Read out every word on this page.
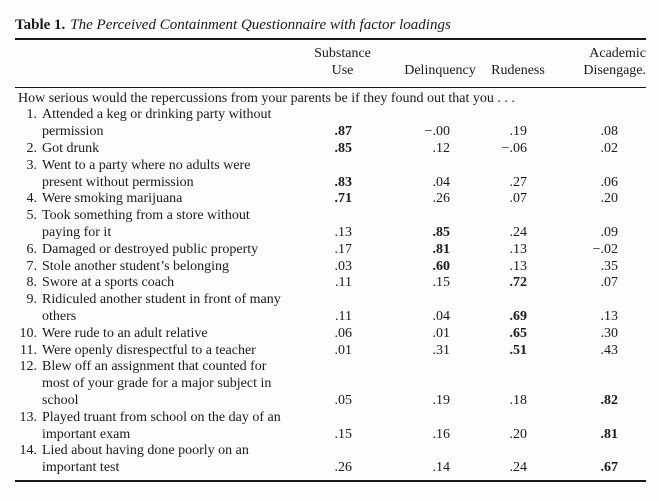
Table 1. The Perceived Containment Questionnaire with factor loadings
	Substance Use	Delinquency	Rudeness	Academic Disengage.
How serious would the repercussions from your parents be if they found out that you . . .				

1. Attended a keg or drinking party without
permission	.87	−.00	.19	.08

2. Got drunk	.85	.12	−.06	.02

3. Went to a party where no adults were
present without permission	.83	.04	.27	.06

4. Were smoking marijuana	.71	.26	.07	.20

5. Took something from a store without
paying for it	.13	.85	.24	.09

6. Damaged or destroyed public property	.17	.81	.13	−.02

7. Stole another student’s belonging	.03	.60	.13	.35

8. Swore at a sports coach	.11	.15	.72	.07

9. Ridiculed another student in front of many
others	.11	.04	.69	.13

10. Were rude to an adult relative	.06	.01	.65	.30

11. Were openly disrespectful to a teacher	.01	.31	.51	.43

12. Blew off an assignment that counted for
most of your grade for a major subject in
school	.05	.19	.18	.82

13. Played truant from school on the day of an
important exam	.15	.16	.20	.81

14. Lied about having done poorly on an
important test	.26	.14	.24	.67
